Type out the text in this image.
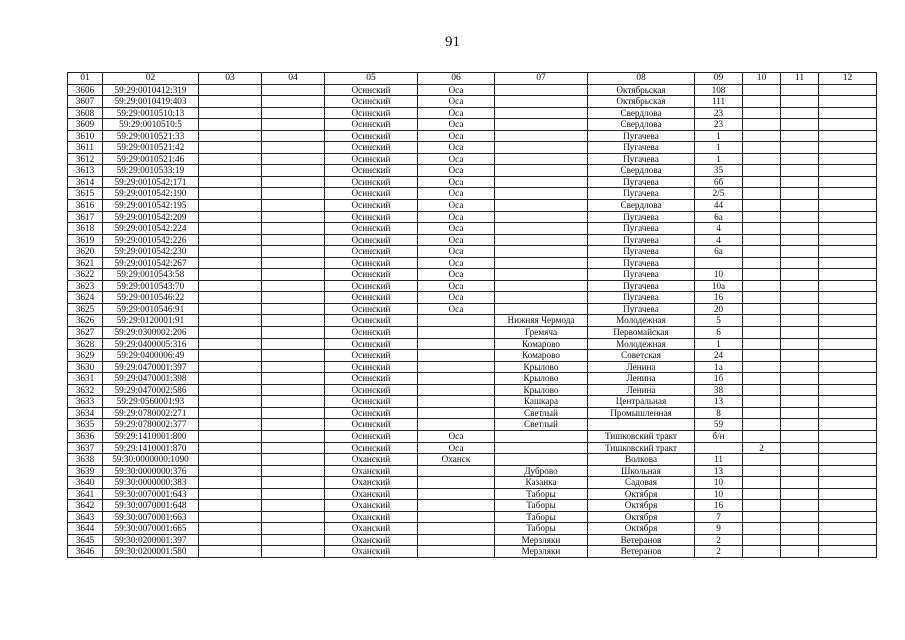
91
01	02	03	04	05	06	07	08	09	10	11	12
3606	59:29:0010412:319			Осинский	Оса		Октябрьская	108			
3607	59:29:0010419:403			Осинский	Оса		Октябрьская	111			
3608	59:29:0010510:13			Осинский	Оса		Свердлова	23			
3609	59:29:0010510:5			Осинский	Оса		Свердлова	23			
3610	59:29:0010521:33			Осинский	Оса		Пугачева	1			
3611	59:29:0010521:42			Осинский	Оса		Пугачева	1			
3612	59:29:0010521:46			Осинский	Оса		Пугачева	1			
3613	59:29:0010533:19			Осинский	Оса		Свердлова	35			
3614	59:29:0010542:171			Осинский	Оса		Пугачева	6б			
3615	59:29:0010542:190			Осинский	Оса		Пугачева	2/5			
3616	59:29:0010542:195			Осинский	Оса		Свердлова	44			
3617	59:29:0010542:209			Осинский	Оса		Пугачева	6а			
3618	59:29:0010542:224			Осинский	Оса		Пугачева	4			
3619	59:29:0010542:226			Осинский	Оса		Пугачева	4			
3620	59:29:0010542:230			Осинский	Оса		Пугачева	6а			
3621	59:29:0010542:267			Осинский	Оса		Пугачева				
3622	59:29:0010543:58			Осинский	Оса		Пугачева	10			
3623	59:29:0010543:70			Осинский	Оса		Пугачева	10а			
3624	59:29:0010546:22			Осинский	Оса		Пугачева	16			
3625	59:29:0010546:91			Осинский	Оса		Пугачева	20			
3626	59:29:0120001:91			Осинский		Нижняя Чермода	Молодежная	5			
3627	59:29:0300002:206			Осинский		Гремяча	Первомайская	6			
3628	59:29:0400005:316			Осинский		Комарово	Молодежная	1			
3629	59:29:0400006:49			Осинский		Комарово	Советская	24			
3630	59:29:0470001:397			Осинский		Крылово	Ленина	1а			
3631	59:29:0470001:398			Осинский		Крылово	Ленина	1б			
3632	59:29:0470002:586			Осинский		Крылово	Ленина	38			
3633	59:29:0560001:93			Осинский		Кашкара	Центральная	13			
3634	59:29:0780002:271			Осинский		Светлый	Промышленная	8			
3635	59:29:0780002:377			Осинский		Светлый		59			
3636	59:29:1410001:800			Осинский	Оса		Тишковский тракт	б/н			
3637	59:29:1410001:870			Осинский	Оса		Тишковский тракт		2		
3638	59:30:0000000:1090			Оханский	Оханск		Волкова	11			
3639	59:30:0000000:376			Оханский		Дуброво	Школьная	13			
3640	59:30:0000000:383			Оханский		Казанка	Садовая	10			
3641	59:30:0070001:643			Оханский		Таборы	Октября	10			
3642	59:30:0070001:648			Оханский		Таборы	Октября	16			
3643	59:30:0070001:663			Оханский		Таборы	Октября	7			
3644	59:30:0070001:665			Оханский		Таборы	Октября	9			
3645	59:30:0200001:397			Оханский		Мерзляки	Ветеранов	2			
3646	59:30:0200001:580			Оханский		Мерзляки	Ветеранов	2			
